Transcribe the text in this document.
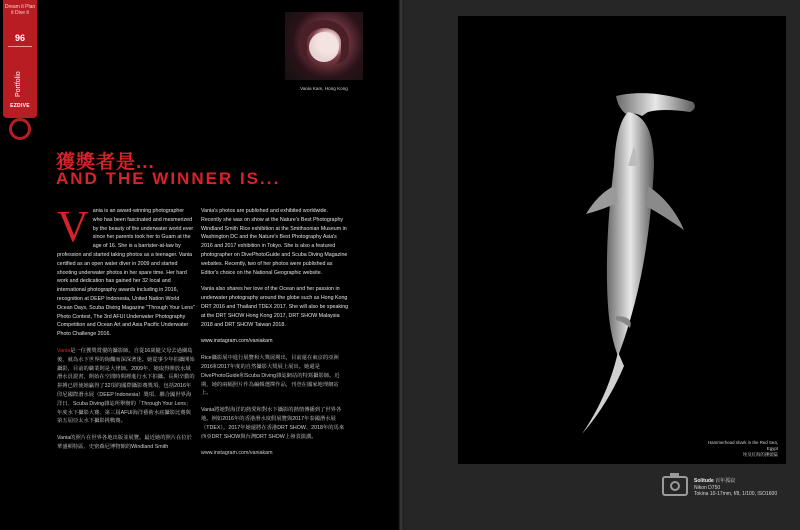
Dream it Plan it Dive it
96
Portfolio
EZDIVE
Vania Kam, Hong Kong
獲獎者是...
AND THE WINNER IS...
Vania is an award-winning photographer who has been fascinated and mesmerized by the beauty of the underwater world ever since her parents took her to Guam at the age of 16. She is a barrister-at-law by profession and started taking photos as a teenager. Vania certified as an open water diver in 2009 and started shooting underwater photos in her spare time. Her hard work and dedication has gained her 32 local and international photography awards including in 2016, recognition at DEEP Indonesia, United Nation World Ocean Days, Scuba Diving Magazine "Through Your Lens" Photo Contest, The 3rd AFUI Underwater Photography Competition and Ocean Art and Asia Pacific Underwater Photo Challenge 2016.
Vania是一位獲獎賞優的攝影師。自從16歲隨父母去過關島後，就為水下世界的絢爛而深深著迷。她從事少年拍攝開始攝影，目前的職業則是大律師。2009年，她取得開放水域潛水員證書，開始在空閒時間裡進行水下拍攝。長期辛勤的拼搏已經使她贏得了32項的國際攝影賽獎項，包括2016年印尼國際潛水展（DEEP Indonesia）獎項、聯合國世界海洋日、Scuba Diving雜誌所舉辦的「Through Your Lens」年度水下攝影大賽、第三屆AFUI海洋藝術水底攝影比賽與第五屆亞太水下攝影挑戰賽。
Vania的照片在世界各地出版並展覽。最近她的照片在位於華盛頓特區、史密森尼博物館的Windland Smith
Vania's photos are published and exhibited worldwide. Recently she was on show at the Nature's Best Photography Windland Smith Rice exhibition at the Smithsonian Museum in Washington DC and the Nature's Best Photography Asia's 2016 and 2017 exhibition in Tokyo. She is also a featured photographer on DivePhotoGuide and Scuba Diving Magazine websites. Recently, two of her photos were published as Editor's choice on the National Geographic website.
Vania also shares her love of the Ocean and her passion in underwater photography around the globe such as Hong Kong DRT 2016 and Thailand TDEX 2017. She will also be speaking at the DRT SHOW Hong Kong 2017, DRT SHOW Malaysia 2018 and DRT SHOW Taiwan 2018.
www.instagram.com/vaniakam
Rice攝影展中進行展覽和大獎展期出，目前還在東京的亞洲2016和2017年度的自然攝影大獎展上展出。她還是DivePhotoGuide和Scuba Diving雜誌網站的特寫攝影師。近期，她的兩幅照片作為編輯選擇作品，刊登在國家地理網站上。
Vania將她對海洋的熱愛和對水下攝影的熱情傳播到了世界各地。例如2016年的香港潛水度假展覽與2017年泰國潛水展（TDEX）。2017年她還將在香港DRT SHOW、2018年的馬來西亞DRT SHOW與台灣DRT SHOW上發表演講。
www.instagram.com/vaniakam
Hammerhead shark in the Red Sea, Egypt
埃及紅海的錘頭鯊
Solitude 百年孤寂
Nikon D750
Tokina 10-17mm, f/8, 1/100, ISO1600
